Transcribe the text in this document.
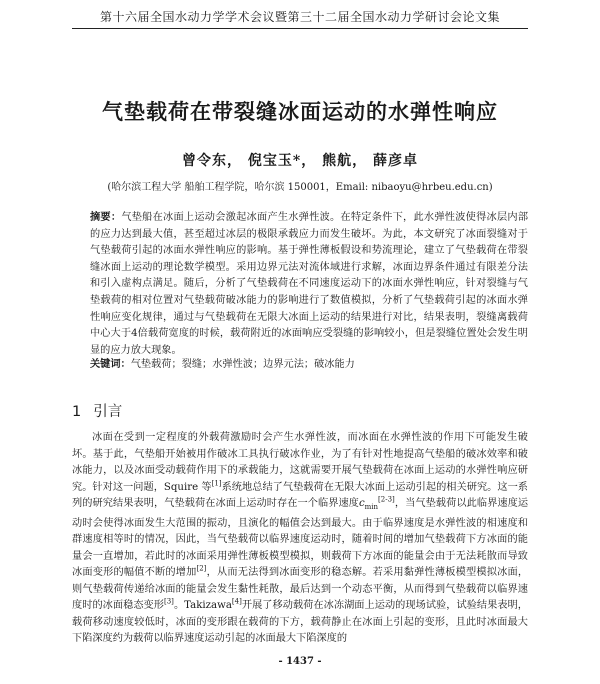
第十六届全国水动力学学术会议暨第三十二届全国水动力学研讨会论文集
气垫载荷在带裂缝冰面运动的水弹性响应
曾令东， 倪宝玉*， 熊航， 薛彦卓
(哈尔滨工程大学 船舶工程学院，哈尔滨 150001，Email: nibaoyu@hrbeu.edu.cn)
摘要：气垫船在冰面上运动会激起冰面产生水弹性波。在特定条件下，此水弹性波使得冰层内部的应力达到最大值，甚至超过冰层的极限承载应力而发生破坏。为此，本文研究了冰面裂缝对于气垫载荷引起的冰面水弹性响应的影响。基于弹性薄板假设和势流理论，建立了气垫载荷在带裂缝冰面上运动的理论数学模型。采用边界元法对流体域进行求解，冰面边界条件通过有限差分法和引入虚构点满足。随后，分析了气垫载荷在不同速度运动下的冰面水弹性响应，针对裂缝与气垫载荷的相对位置对气垫载荷破冰能力的影响进行了数值模拟，分析了气垫载荷引起的冰面水弹性响应变化规律，通过与气垫载荷在无限大冰面上运动的结果进行对比，结果表明，裂缝离载荷中心大于4倍载荷宽度的时候，载荷附近的冰面响应受裂缝的影响较小，但是裂缝位置处会发生明显的应力放大现象。
关键词：气垫载荷；裂缝；水弹性波；边界元法；破冰能力
1 引言

冰面在受到一定程度的外载荷激励时会产生水弹性波，而冰面在水弹性波的作用下可能发生破坏。基于此，气垫船开始被用作破冰工具执行破冰作业，为了有针对性地提高气垫船的破冰效率和破冰能力，以及冰面受动载荷作用下的承载能力，这就需要开展气垫载荷在冰面上运动的水弹性响应研究。针对这一问题，Squire 等[1]系统地总结了气垫载荷在无限大冰面上运动引起的相关研究。这一系列的研究结果表明，气垫载荷在冰面上运动时存在一个临界速度$c_{min}[2-3]$，当气垫载荷以此临界速度运动时会使得冰面发生大范围的振动，且演化的幅值会达到最大。由于临界速度是水弹性波的相速度和群速度相等时的情况，因此，当气垫载荷以临界速度运动时，随着时间的增加气垫载荷下方冰面的能量会一直增加，若此时的冰面采用弹性薄板模型模拟，则载荷下方冰面的能量会由于无法耗散而导致冰面变形的幅值不断的增加[2]，从而无法得到冰面变形的稳态解。若采用黏弹性薄板模型模拟冰面，则气垫载荷传递给冰面的能量会发生黏性耗散，最后达到一个动态平衡，从而得到气垫载荷以临界速度时的冰面稳态变形[3]。Takizawa[4]开展了移动载荷在冰冻湖面上运动的现场试验，试验结果表明，载荷移动速度较低时，冰面的变形跟在载荷的下方，载荷静止在冰面上引起的变形，且此时冰面最大下陷深度约为载荷以临界速度运动引起的冰面最大下陷深度的

- 1437 -
